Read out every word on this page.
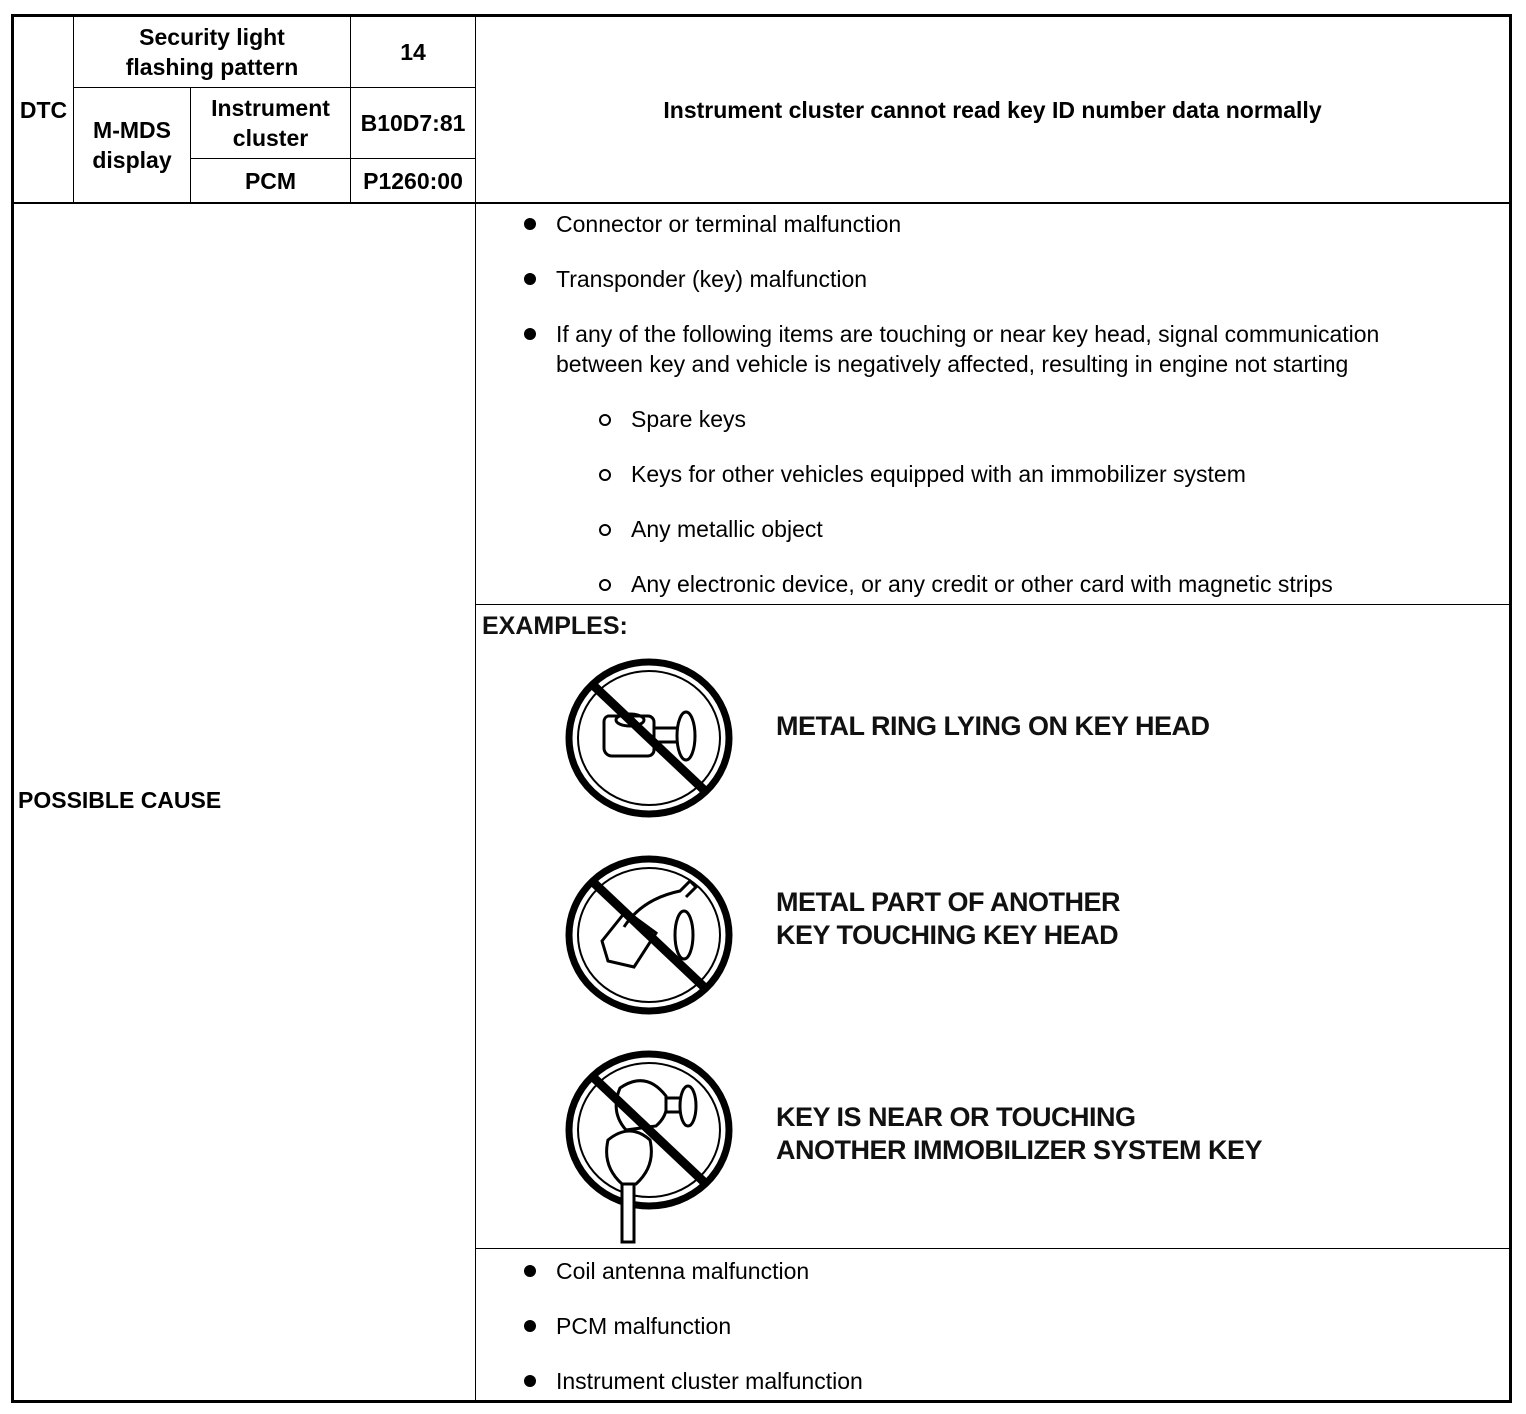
DTC
Security light flashing pattern
14
M-MDS display
Instrument cluster
B10D7:81
PCM	P1260:00
Instrument cluster cannot read key ID number data normally
POSSIBLE CAUSE
Connector or terminal malfunction
Transponder (key) malfunction
If any of the following items are touching or near key head, signal communication
between key and vehicle is negatively affected, resulting in engine not starting
Spare keys
Keys for other vehicles equipped with an immobilizer system
Any metallic object
Any electronic device, or any credit or other card with magnetic strips
EXAMPLES:
METAL RING LYING ON KEY HEAD
METAL PART OF ANOTHER
KEY TOUCHING KEY HEAD
KEY IS NEAR OR TOUCHING
ANOTHER IMMOBILIZER SYSTEM KEY
Coil antenna malfunction
PCM malfunction
Instrument cluster malfunction
